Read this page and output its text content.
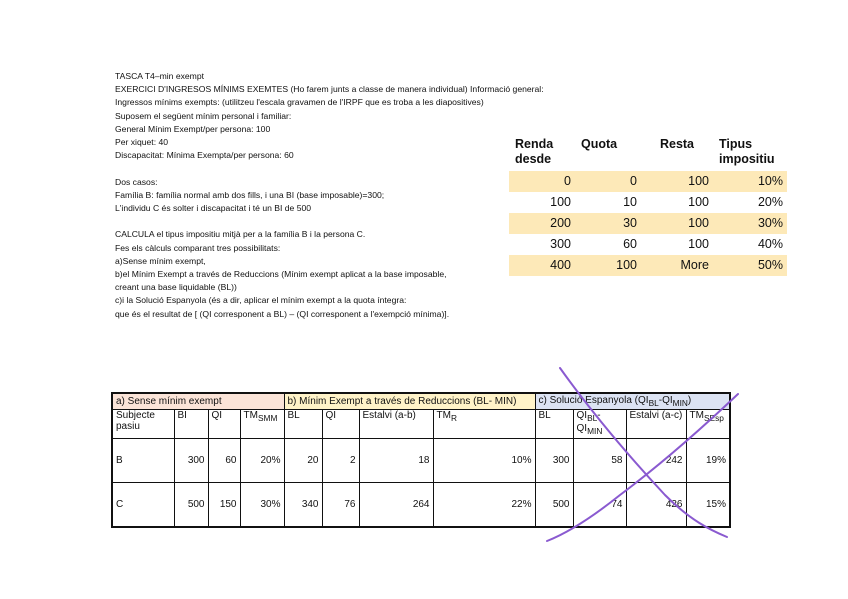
TASCA T4–min exempt
EXERCICI D'INGRESOS MÍNIMS EXEMTES (Ho farem junts a classe de manera individual) Informació general:
Ingressos mínims exempts: (utilitzeu l'escala gravamen de l'IRPF que es troba a les diapositives)
Suposem el següent mínim personal i familiar:
General Mínim Exempt/per persona: 100
Per xiquet: 40
Discapacitat: Mínima Exempta/per persona: 60
Dos casos:
Família B: família normal amb dos fills, i una BI (base imposable)=300;
L'individu C és solter i discapacitat i té un BI de 500
CALCULA el tipus impositiu mitjà per a la família B i la persona C.
Fes els càlculs comparant tres possibilitats:
a)Sense mínim exempt,
b)el Mínim Exempt a través de Reduccions (Mínim exempt aplicat a la base imposable,
creant una base liquidable (BL))
c)i la Solució Espanyola (és a dir, aplicar el mínim exempt a la quota íntegra:
que és el resultat de [ (QI corresponent a BL) – (QI corresponent a l'exempció mínima)].
Renda desde	Quota	Resta	Tipus impositiu
0	0	100	10%
100	10	100	20%
200	30	100	30%
300	60	100	40%
400	100	More	50%
a) Sense mínim exempt				b) Mínim Exempt a través de Reduccions (BL- MIN)				c) Solució Espanyola $(QI_{BL}-QI_{MIN})$			
Subjecte pasiu	BI	QI	$TM_{SMM}$	BL	QI	Estalvi (a-b)	$TM_R$	BL	$QI_{BL}-QI_{MIN}$	Estalvi (a-c)	$TM_{SEsp}$
B	300	60	20%	20	2	18	10%	300	58	242	19%
C	500	150	30%	340	76	264	22%	500	74	426	15%
